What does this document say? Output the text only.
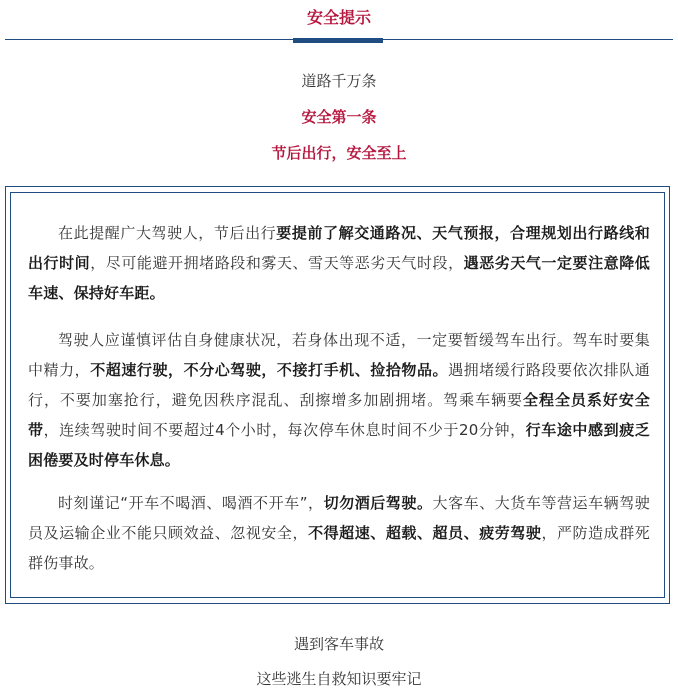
安全提示
道路千万条
安全第一条
节后出行，安全至上

在此提醒广大驾驶人，节后出行要提前了解交通路况、天气预报，合理规划出行路线和出行时间，尽可能避开拥堵路段和雾天、雪天等恶劣天气时段，遇恶劣天气一定要注意降低车速、保持好车距。

驾驶人应谨慎评估自身健康状况，若身体出现不适，一定要暂缓驾车出行。驾车时要集中精力，不超速行驶，不分心驾驶，不接打手机、捡拾物品。遇拥堵缓行路段要依次排队通行，不要加塞抢行，避免因秩序混乱、刮擦增多加剧拥堵。驾乘车辆要全程全员系好安全带，连续驾驶时间不要超过4个小时，每次停车休息时间不少于20分钟，行车途中感到疲乏困倦要及时停车休息。

时刻谨记“开车不喝酒、喝酒不开车”，切勿酒后驾驶。大客车、大货车等营运车辆驾驶员及运输企业不能只顾效益、忽视安全，不得超速、超载、超员、疲劳驾驶，严防造成群死群伤事故。

遇到客车事故
这些逃生自救知识要牢记
